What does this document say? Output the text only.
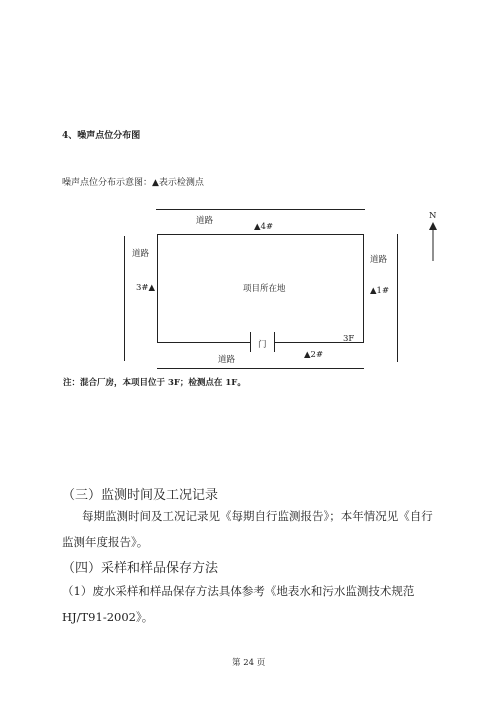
4、噪声点位分布图
噪声点位分布示意图：▲表示检测点
道路
▲4#
道路
道路
门
项目所在地
3#▲	▲1#
3F
道路	▲2#
N
注：混合厂房，本项目位于 3F；检测点在 1F。
（三）监测时间及工况记录
每期监测时间及工况记录见《每期自行监测报告》；本年情况见《自行监测年度报告》。
（四）采样和样品保存方法
（1）废水采样和样品保存方法具体参考《地表水和污水监测技术规范HJ/T91-2002》。
第 24 页
